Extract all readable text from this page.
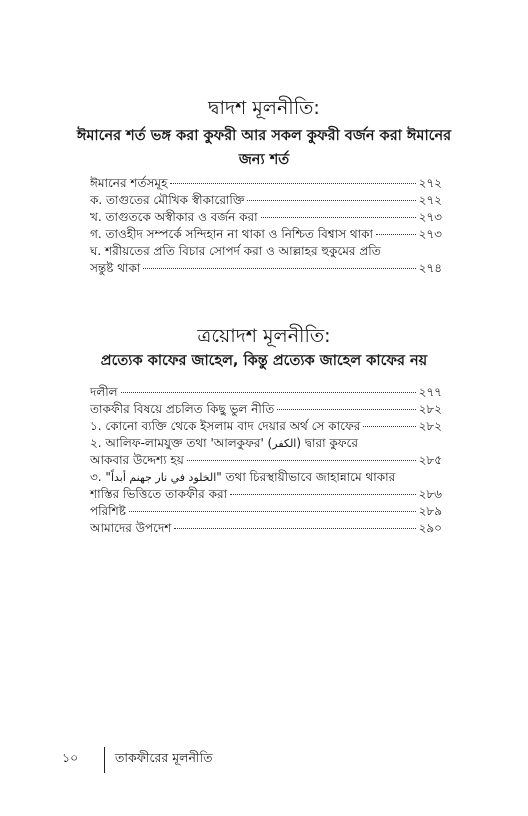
দ্বাদশ মূলনীতি:
ঈমানের শর্ত ভঙ্গ করা কুফরী আর সকল কুফরী বর্জন করা ঈমানের জন্য শর্ত
ঈমানের শর্তসমূহ	২৭২
ক. তাগুতের মৌখিক স্বীকারোক্তি	২৭২
খ. তাগুতকে অস্বীকার ও বর্জন করা	২৭৩
গ. তাওহীদ সম্পর্কে সন্দিহান না থাকা ও নিশ্চিত বিশ্বাস থাকা	২৭৩
ঘ. শরীয়তের প্রতি বিচার সোপর্দ করা ও আল্লাহর হুকুমের প্রতি
সন্তুষ্ট থাকা	২৭৪
ত্রয়োদশ মূলনীতি:
প্রত্যেক কাফের জাহেল, কিন্তু প্রত্যেক জাহেল কাফের নয়
দলীল	২৭৭
তাকফীর বিষয়ে প্রচলিত কিছু ভুল নীতি	২৮২
১. কোনো ব্যক্তি থেকে ইসলাম বাদ দেয়ার অর্থ সে কাফের	২৮২
২. আলিফ-লামযুক্ত তথা 'আলকুফর' (الكفر) দ্বারা কুফরে
আকবার উদ্দেশ্য হয়	২৮৫
৩. "الخلود في نار جهنم أبداً" তথা চিরস্থায়ীভাবে জাহান্নামে থাকার
শাস্তির ভিত্তিতে তাকফীর করা	২৮৬
পরিশিষ্ট	২৮৯
আমাদের উপদেশ	২৯০
১০	তাকফীরের মূলনীতি
